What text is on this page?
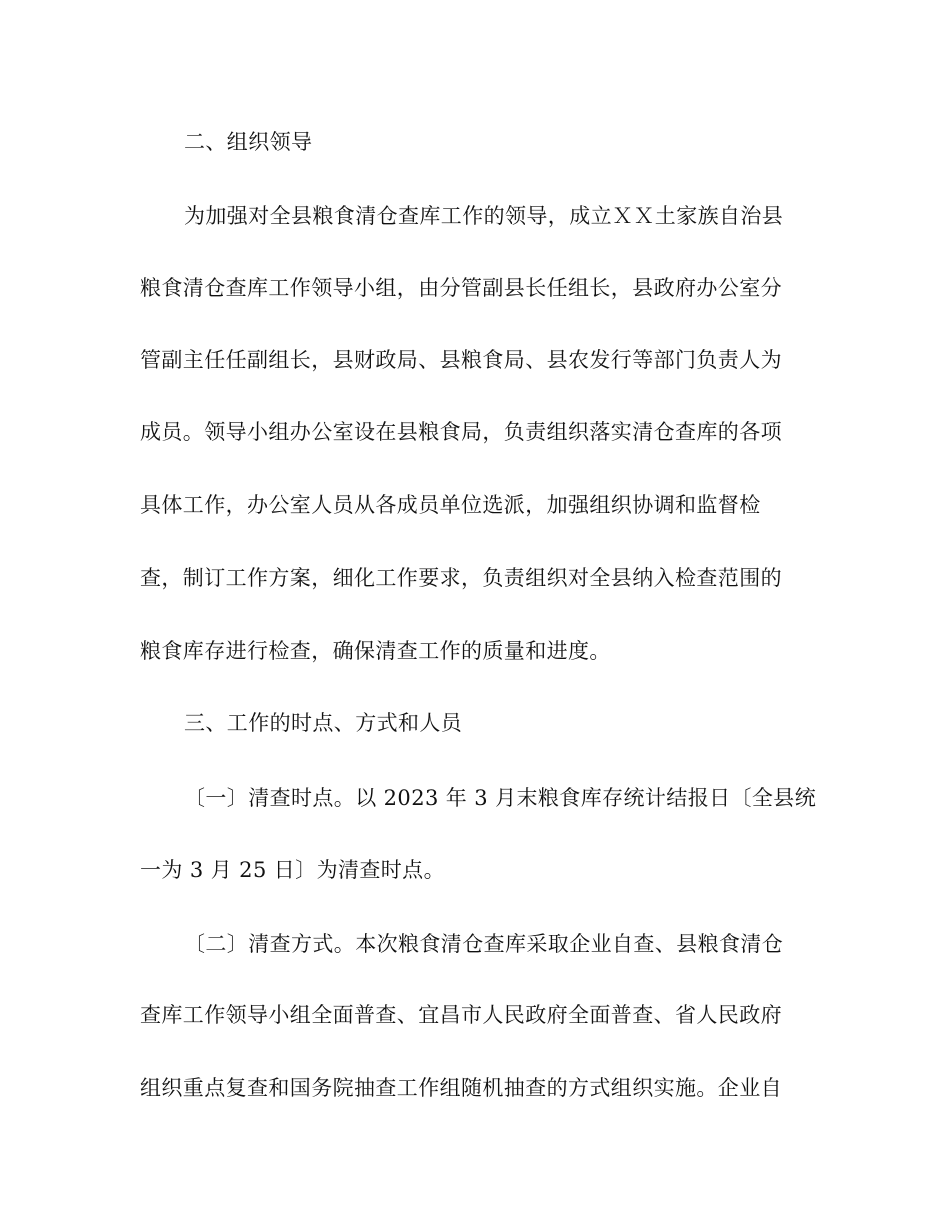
二、组织领导
为加强对全县粮食清仓查库工作的领导，成立ＸＸ土家族自治县
粮食清仓查库工作领导小组，由分管副县长任组长，县政府办公室分
管副主任任副组长，县财政局、县粮食局、县农发行等部门负责人为
成员。领导小组办公室设在县粮食局，负责组织落实清仓查库的各项
具体工作，办公室人员从各成员单位选派，加强组织协调和监督检
查，制订工作方案，细化工作要求，负责组织对全县纳入检查范围的
粮食库存进行检查，确保清查工作的质量和进度。
三、工作的时点、方式和人员
〔一〕清查时点。以 2023 年 3 月末粮食库存统计结报日〔全县统
一为 3 月 25 日〕为清查时点。
〔二〕清查方式。本次粮食清仓查库采取企业自查、县粮食清仓
查库工作领导小组全面普查、宜昌市人民政府全面普查、省人民政府
组织重点复查和国务院抽查工作组随机抽查的方式组织实施。企业自
